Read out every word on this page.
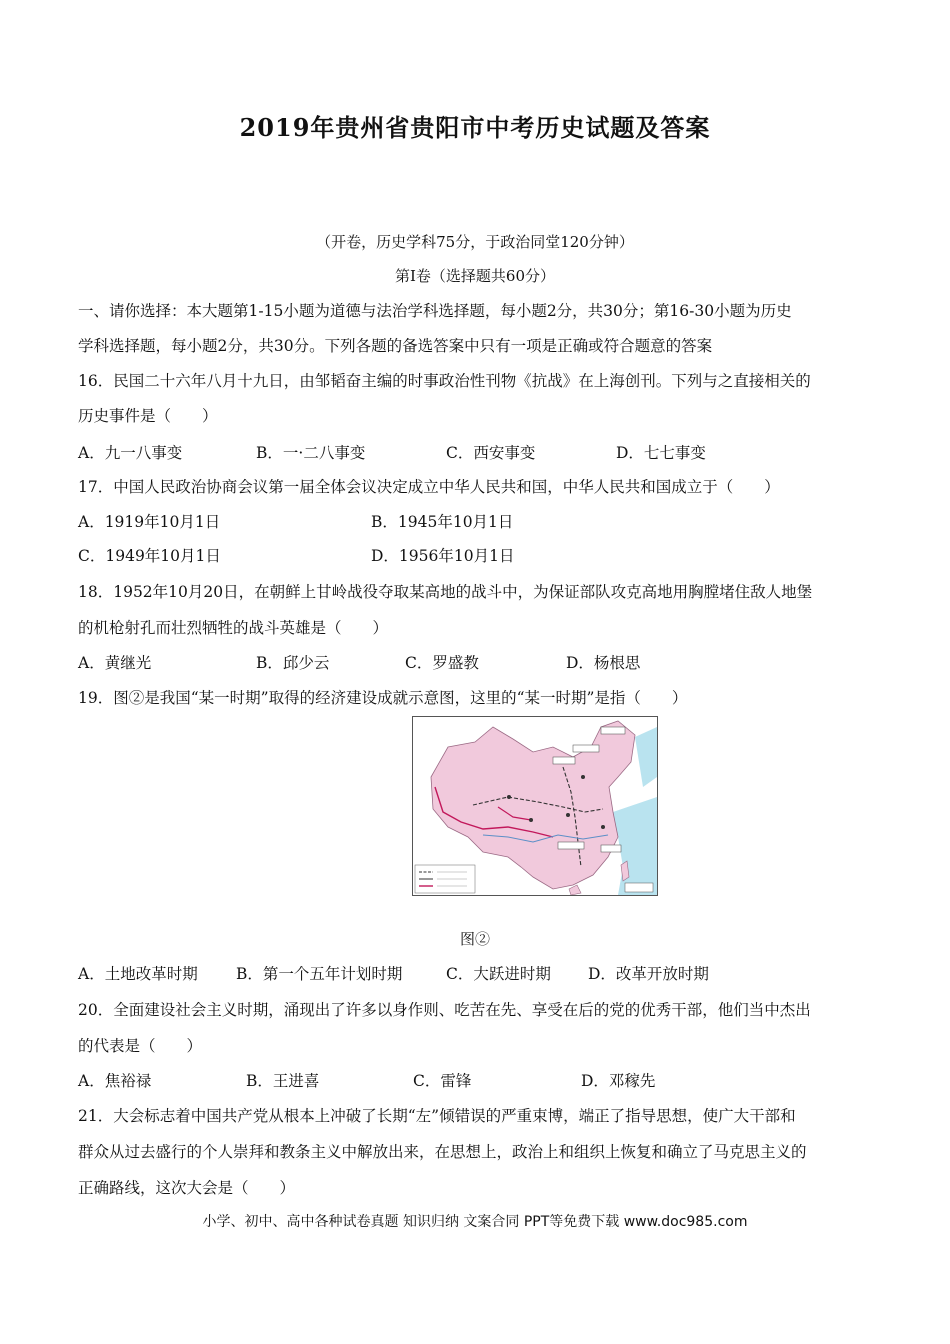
2019年贵州省贵阳市中考历史试题及答案
（开卷，历史学科75分，于政治同堂120分钟）
第Ⅰ卷（选择题共60分）
一、请你选择：本大题第1-15小题为道德与法治学科选择题，每小题2分，共30分；第16-30小题为历史
学科选择题，每小题2分，共30分。下列各题的备选答案中只有一项是正确或符合题意的答案
16．民国二十六年八月十九日，由邹韬奋主编的时事政治性刊物《抗战》在上海创刊。下列与之直接相关的
历史事件是（　　）
A．九一八事变	B．一·二八事变	C．西安事变	D．七七事变
17．中国人民政治协商会议第一届全体会议决定成立中华人民共和国，中华人民共和国成立于（　　）
A．1919年10月1日	B．1945年10月1日
C．1949年10月1日	D．1956年10月1日
18．1952年10月20日，在朝鲜上甘岭战役夺取某高地的战斗中，为保证部队攻克高地用胸膛堵住敌人地堡
的机枪射孔而壮烈牺牲的战斗英雄是（　　）
A．黄继光	B．邱少云	C．罗盛教	D．杨根思
19．图②是我国“某一时期”取得的经济建设成就示意图，这里的“某一时期”是指（　　）
图②
A．土地改革时期 B．第一个五年计划时期	C．大跃进时期 D．改革开放时期
20．全面建设社会主义时期，涌现出了许多以身作则、吃苦在先、享受在后的党的优秀干部，他们当中杰出
的代表是（　　）
A．焦裕禄	B．王进喜	C．雷锋	D．邓稼先
21．大会标志着中国共产党从根本上冲破了长期“左”倾错误的严重束博，端正了指导思想，使广大干部和
群众从过去盛行的个人崇拜和教条主义中解放出来，在思想上，政治上和组织上恢复和确立了马克思主义的
正确路线，这次大会是（　　）
小学、初中、高中各种试卷真题 知识归纳 文案合同 PPT等免费下载 www.doc985.com
